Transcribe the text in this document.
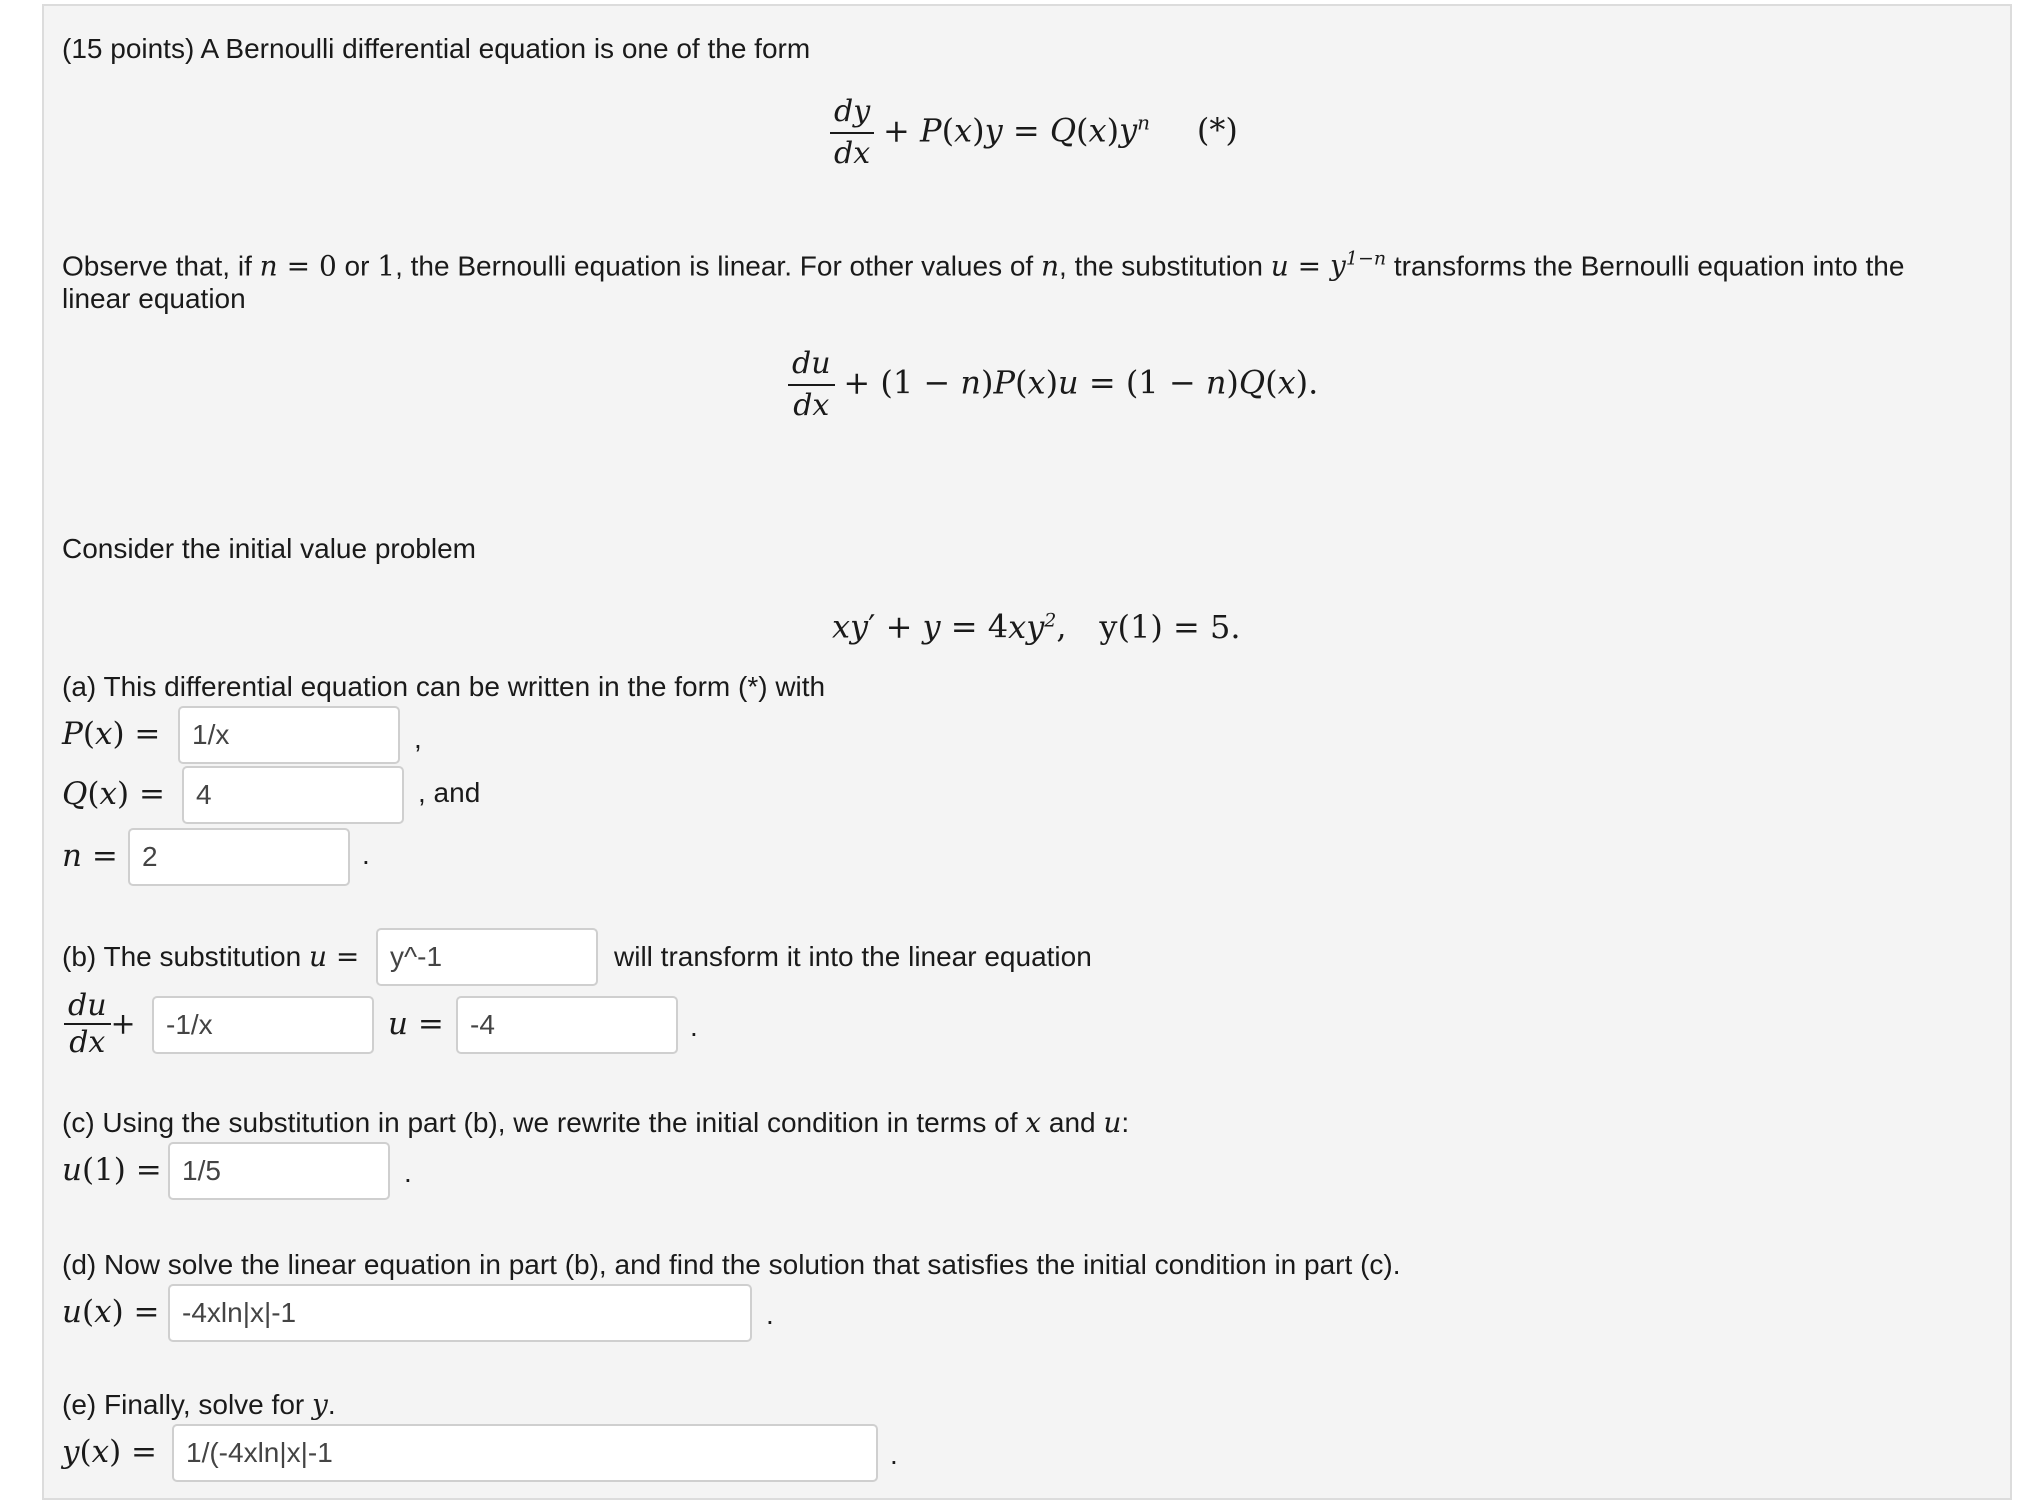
(15 points) A Bernoulli differential equation is one of the form
$\frac{dy}{dx} + P(x)y = Q(x)y^n$ (*)
Observe that, if n = 0 or 1, the Bernoulli equation is linear. For other values of n, the substitution $u = y^{1-n}$ transforms the Bernoulli equation into the
linear equation
$\frac{du}{dx} + (1 - n)P(x)u = (1 - n)Q(x)$.
Consider the initial value problem
$xy' + y = 4xy^2$, y(1) = 5.
(a) This differential equation can be written in the form (*) with
P(x) =
1/x	,
Q(x) =
4	, and
n =
2	.
(b) The substitution u =
y^-1	will transform it into the linear equation
$\frac{du}{dx}$ +
-1/x	u =
-4	.
(c) Using the substitution in part (b), we rewrite the initial condition in terms of x and u:
u(1) =
1/5	.
(d) Now solve the linear equation in part (b), and find the solution that satisfies the initial condition in part (c).
u(x) =
-4xln|x|-1	.
(e) Finally, solve for y.
y(x) =
1/(-4xln|x|-1	.
